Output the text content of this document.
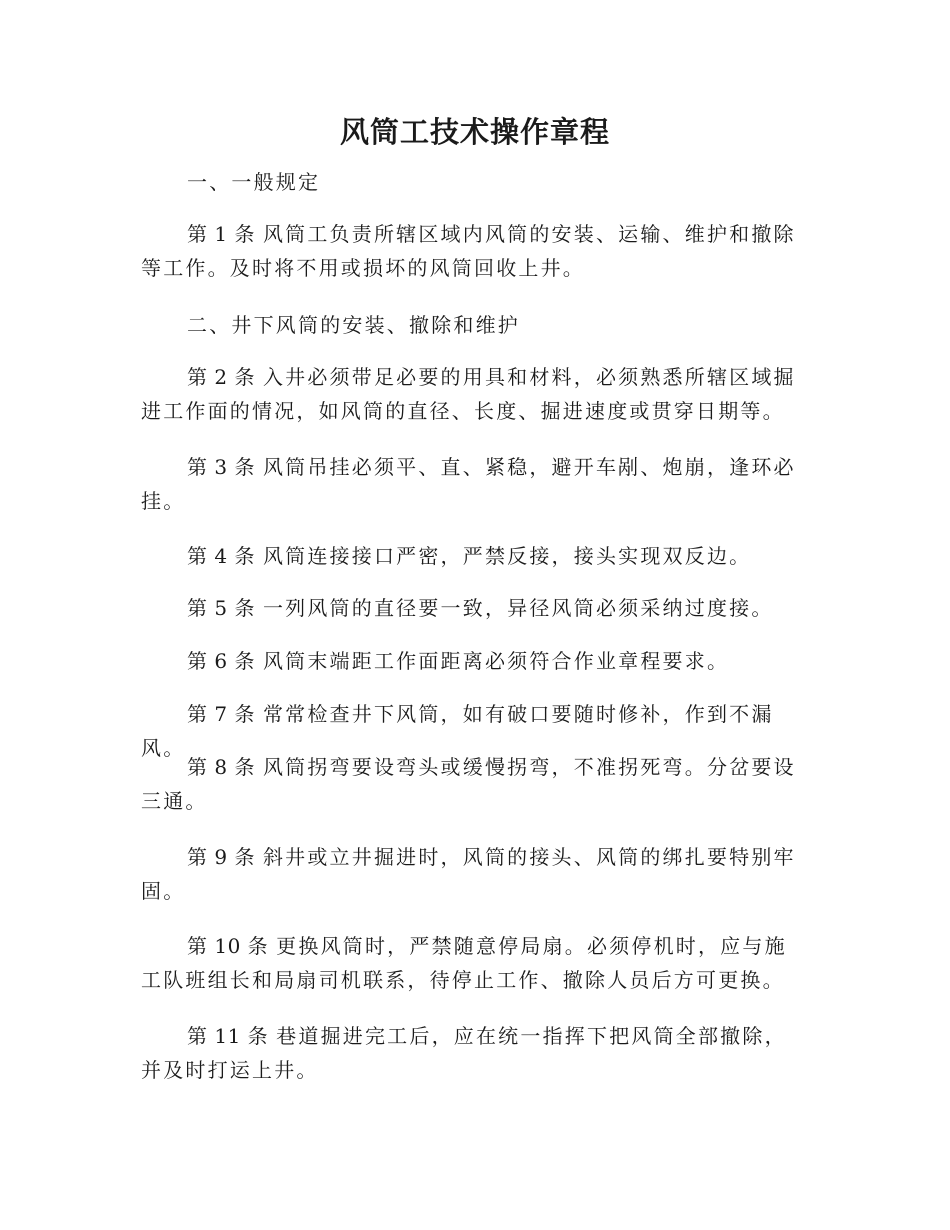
风筒工技术操作章程

一、一般规定

第 1 条 风筒工负责所辖区域内风筒的安装、运输、维护和撤除等工作。及时将不用或损坏的风筒回收上井。

二、井下风筒的安装、撤除和维护

第 2 条 入井必须带足必要的用具和材料，必须熟悉所辖区域掘进工作面的情况，如风筒的直径、长度、掘进速度或贯穿日期等。

第 3 条 风筒吊挂必须平、直、紧稳，避开车剐、炮崩，逢环必挂。

第 4 条 风筒连接接口严密，严禁反接，接头实现双反边。

第 5 条 一列风筒的直径要一致，异径风筒必须采纳过度接。

第 6 条 风筒末端距工作面距离必须符合作业章程要求。

第 7 条 常常检查井下风筒，如有破口要随时修补，作到不漏风。

第 8 条 风筒拐弯要设弯头或缓慢拐弯，不准拐死弯。分岔要设三通。

第 9 条 斜井或立井掘进时，风筒的接头、风筒的绑扎要特别牢固。

第 10 条 更换风筒时，严禁随意停局扇。必须停机时，应与施工队班组长和局扇司机联系，待停止工作、撤除人员后方可更换。

第 11 条 巷道掘进完工后，应在统一指挥下把风筒全部撤除，并及时打运上井。
